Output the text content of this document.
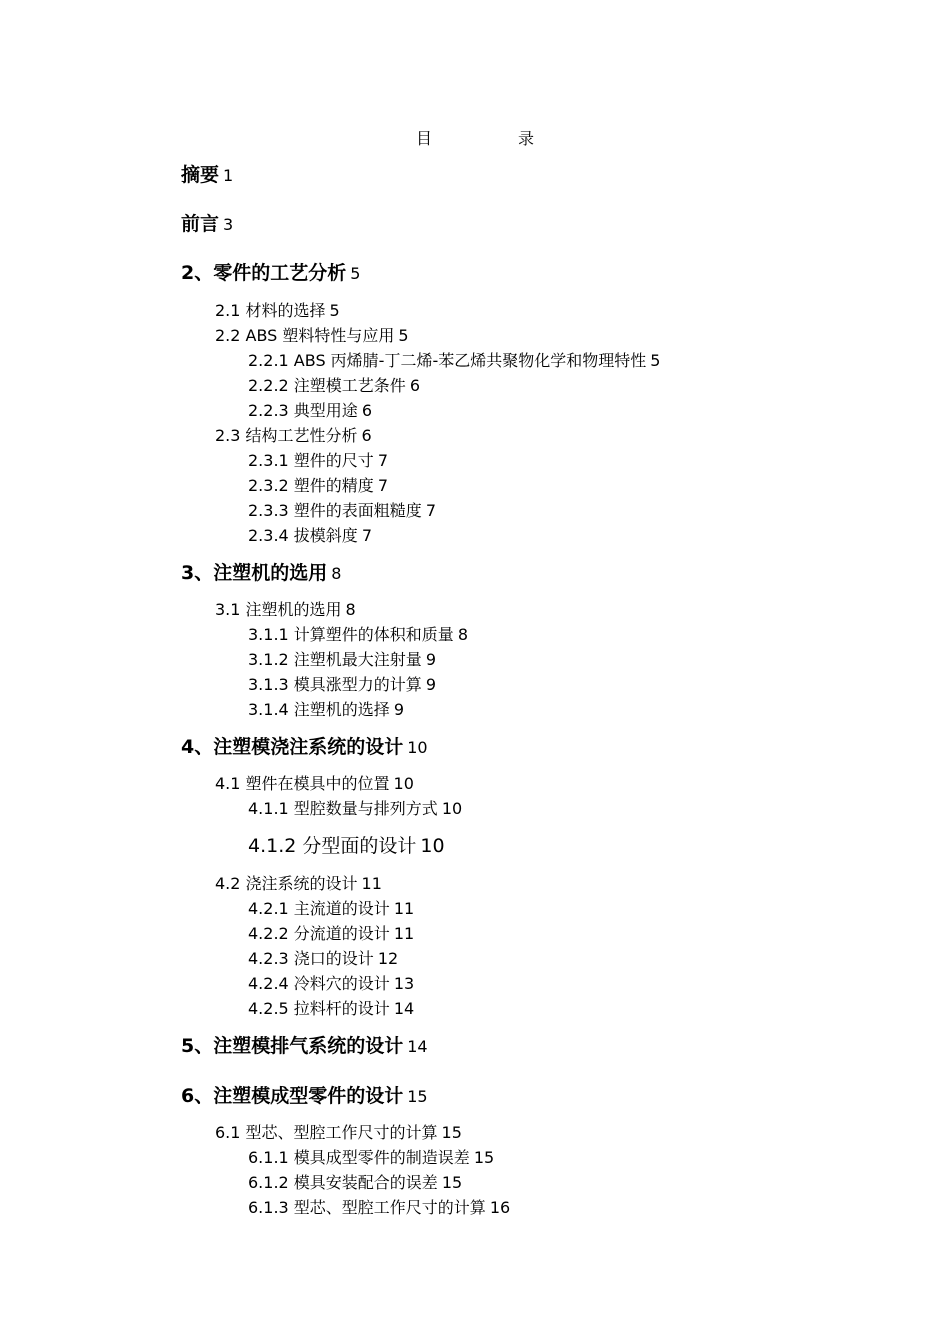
目	录
摘要 1
前言 3
2、零件的工艺分析 5
2.1 材料的选择 5
2.2 ABS 塑料特性与应用 5
2.2.1 ABS 丙烯腈-丁二烯-苯乙烯共聚物化学和物理特性 5
2.2.2 注塑模工艺条件 6
2.2.3 典型用途 6
2.3 结构工艺性分析 6
2.3.1 塑件的尺寸 7
2.3.2 塑件的精度 7
2.3.3 塑件的表面粗糙度 7
2.3.4 拔模斜度 7
3、注塑机的选用 8
3.1 注塑机的选用 8
3.1.1 计算塑件的体积和质量 8
3.1.2 注塑机最大注射量 9
3.1.3 模具涨型力的计算 9
3.1.4 注塑机的选择 9
4、注塑模浇注系统的设计 10
4.1 塑件在模具中的位置 10
4.1.1 型腔数量与排列方式 10
4.1.2 分型面的设计 10
4.2 浇注系统的设计 11
4.2.1 主流道的设计 11
4.2.2 分流道的设计 11
4.2.3 浇口的设计 12
4.2.4 冷料穴的设计 13
4.2.5 拉料杆的设计 14
5、注塑模排气系统的设计 14
6、注塑模成型零件的设计 15
6.1 型芯、型腔工作尺寸的计算 15
6.1.1 模具成型零件的制造误差 15
6.1.2 模具安装配合的误差 15
6.1.3 型芯、型腔工作尺寸的计算 16
